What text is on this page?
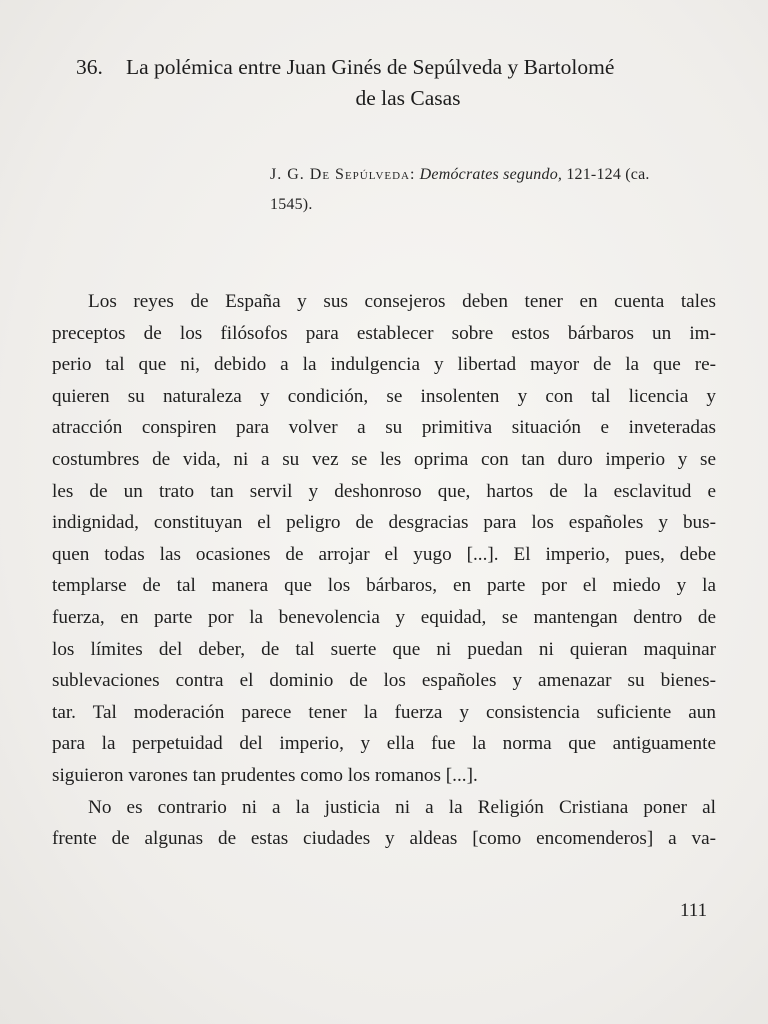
36. La polémica entre Juan Ginés de Sepúlveda y Bartolomé
de las Casas
J. G. De Sepúlveda: Demócrates segundo, 121-124 (ca.
1545).
Los reyes de España y sus consejeros deben tener en cuenta tales
preceptos de los filósofos para establecer sobre estos bárbaros un im-
perio tal que ni, debido a la indulgencia y libertad mayor de la que re-
quieren su naturaleza y condición, se insolenten y con tal licencia y
atracción conspiren para volver a su primitiva situación e inveteradas
costumbres de vida, ni a su vez se les oprima con tan duro imperio y se
les de un trato tan servil y deshonroso que, hartos de la esclavitud e
indignidad, constituyan el peligro de desgracias para los españoles y bus-
quen todas las ocasiones de arrojar el yugo [...]. El imperio, pues, debe
templarse de tal manera que los bárbaros, en parte por el miedo y la
fuerza, en parte por la benevolencia y equidad, se mantengan dentro de
los límites del deber, de tal suerte que ni puedan ni quieran maquinar
sublevaciones contra el dominio de los españoles y amenazar su bienes-
tar. Tal moderación parece tener la fuerza y consistencia suficiente aun
para la perpetuidad del imperio, y ella fue la norma que antiguamente
siguieron varones tan prudentes como los romanos [...].
No es contrario ni a la justicia ni a la Religión Cristiana poner al
frente de algunas de estas ciudades y aldeas [como encomenderos] a va-
111
